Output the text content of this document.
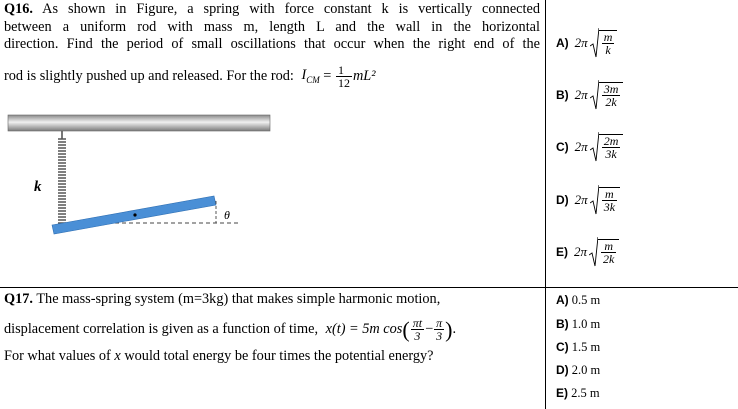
Q16. As shown in Figure, a spring with force constant k is vertically connected
between a uniform rod with mass m, length L and the wall in the horizontal
direction. Find the period of small oscillations that occur when the right end of the
rod is slightly pushed up and released. For the rod: $I_{CM} = \frac{1}{12} mL^2$
k
θ
A) $2\pi \frac{m}{k}$
B) $2\pi \frac{3m}{2k}$
C) $2\pi \frac{2m}{3k}$
D) $2\pi \frac{m}{3k}$
E) $2\pi \frac{m}{2k}$
Q17. The mass-spring system (m=3kg) that makes simple harmonic motion,
displacement correlation is given as a function of time, x(t) = 5m $\cos( \frac{\pi t}{3} - \frac{\pi}{3}$ ).
For what values of x would total energy be four times the potential energy?
A) 0.5 m
B) 1.0 m
C) 1.5 m
D) 2.0 m
E) 2.5 m
